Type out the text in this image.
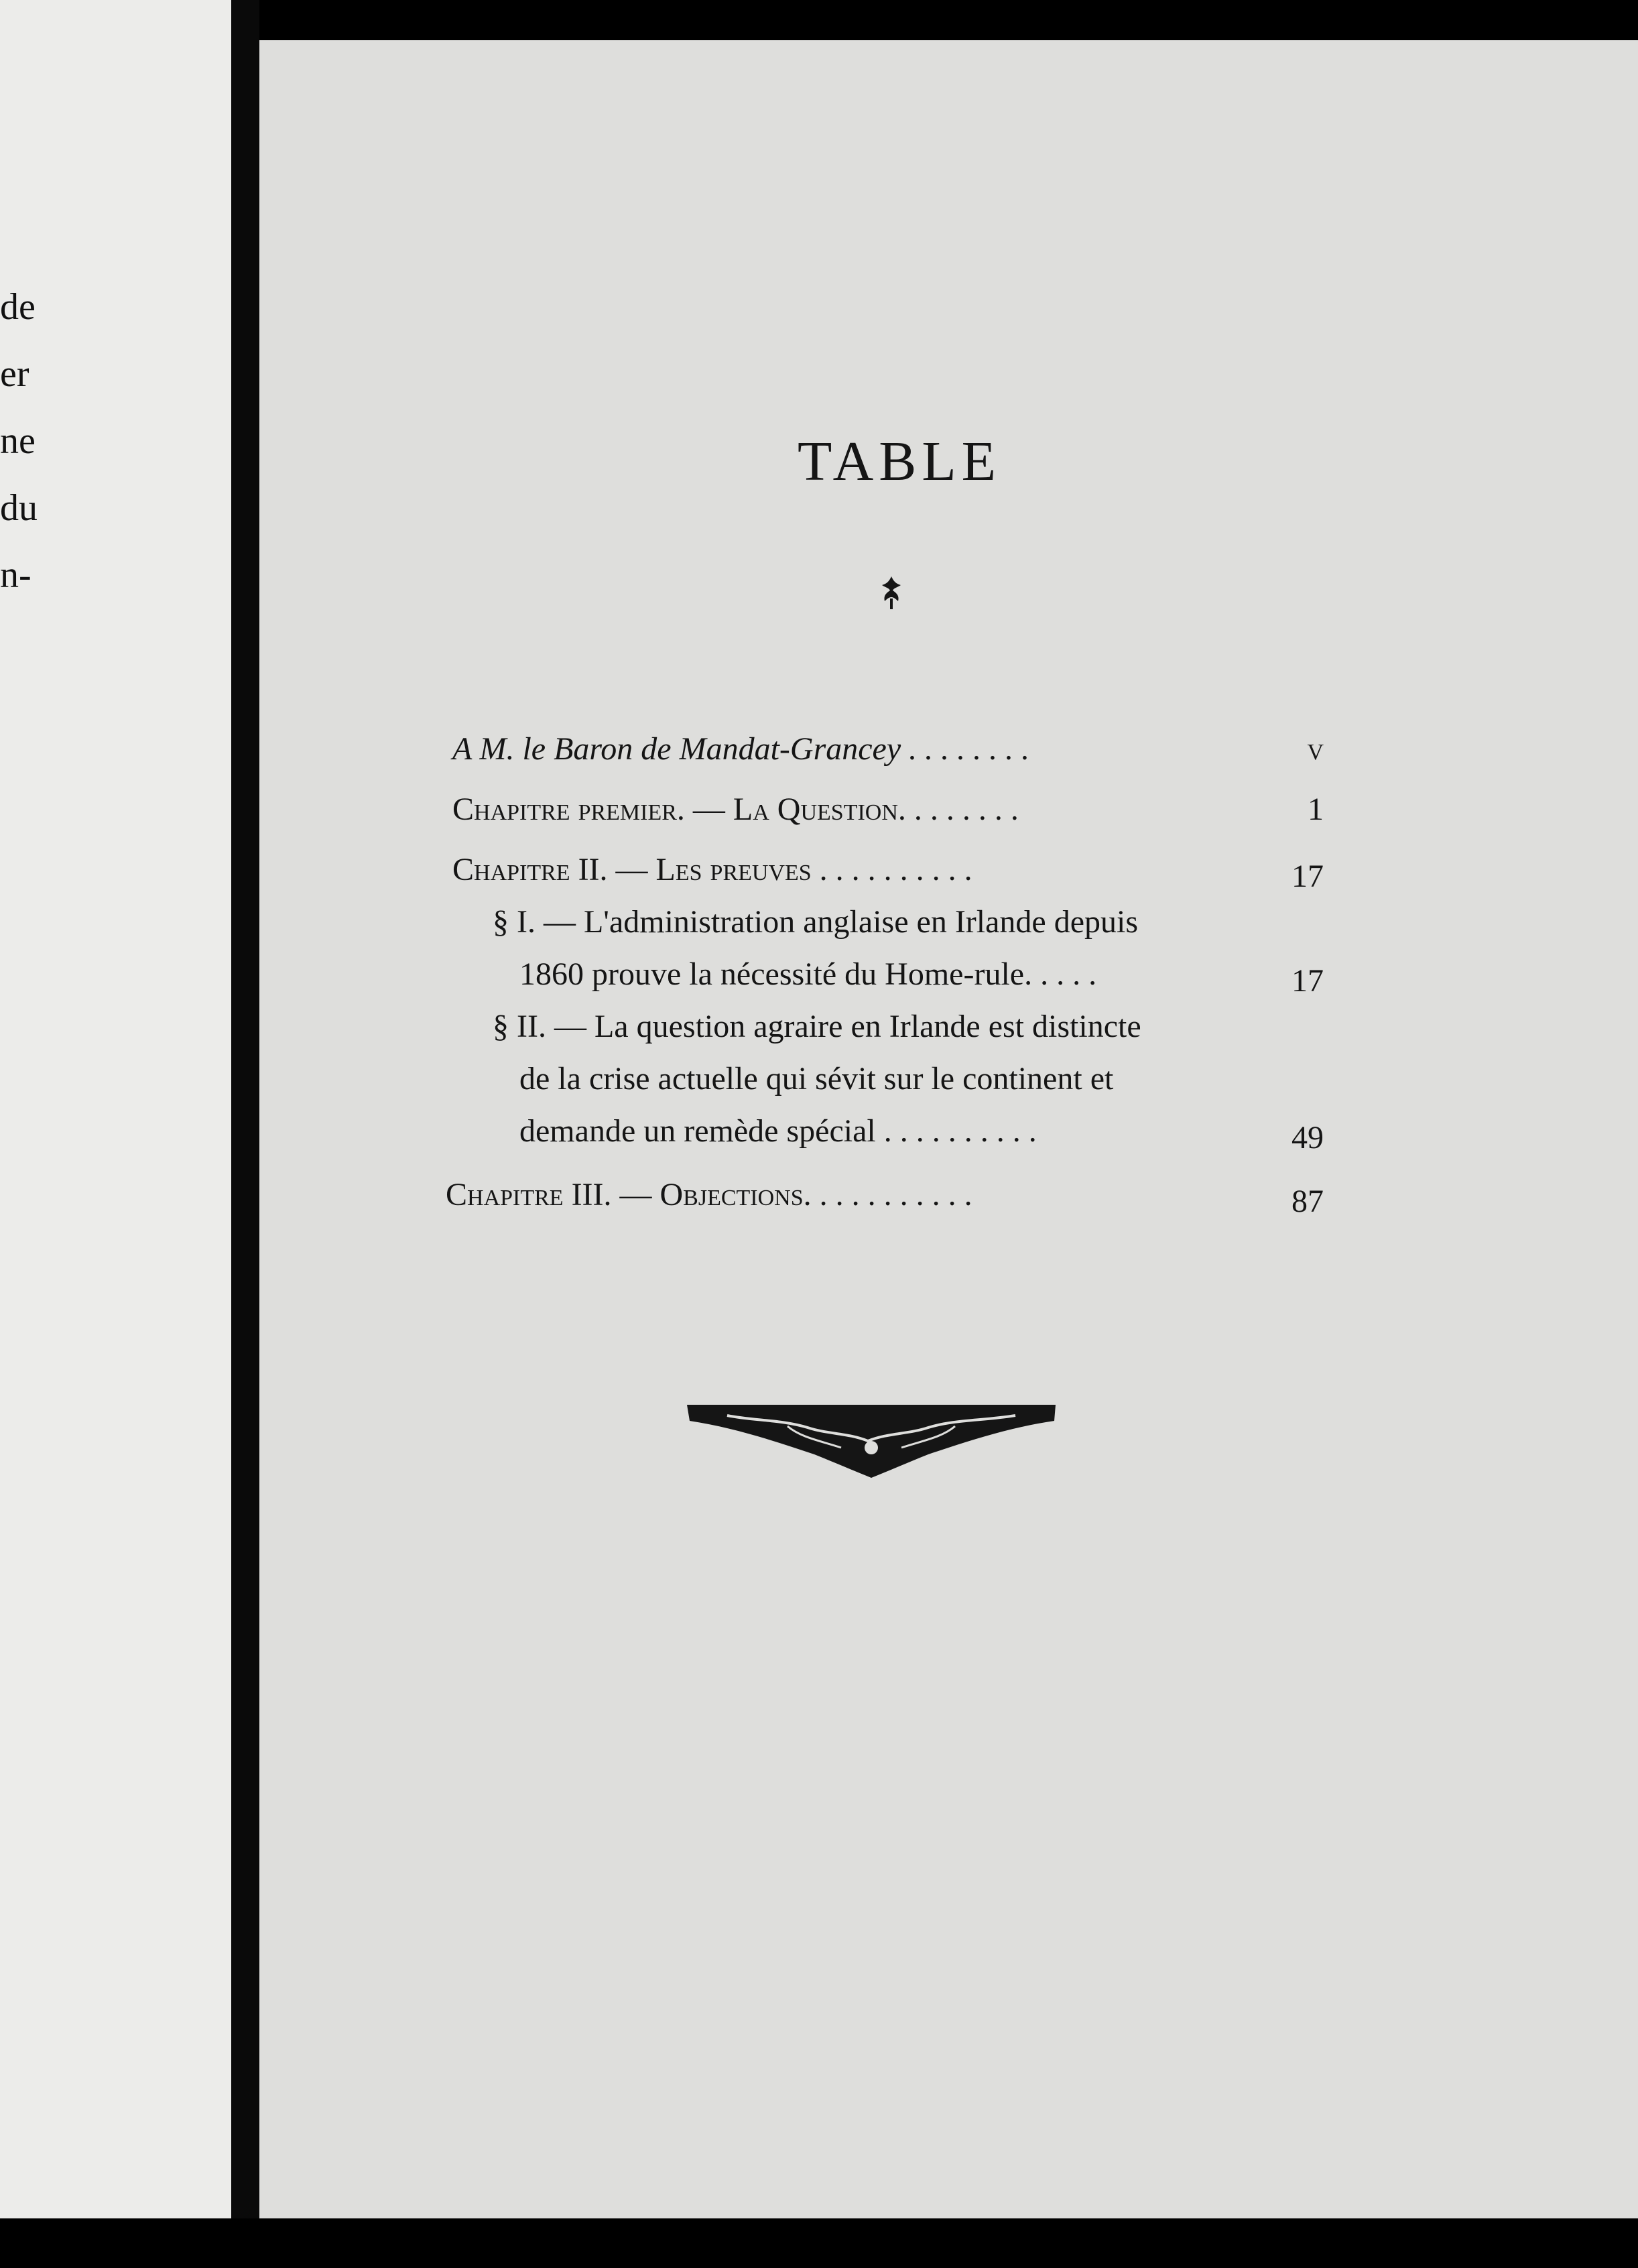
de
er
ne
du
n-
TABLE
A M. le Baron de Mandat-Grancey . . . . . . . .	v
Chapitre premier. — La Question. . . . . . . .	1
Chapitre II. — Les preuves . . . . . . . . . .	17
§ I. — L'administration anglaise en Irlande depuis
1860 prouve la nécessité du Home-rule. . . . .	17
§ II. — La question agraire en Irlande est distincte
de la crise actuelle qui sévit sur le continent et
demande un remède spécial . . . . . . . . . .	49
Chapitre III. — Objections. . . . . . . . . . .	87
